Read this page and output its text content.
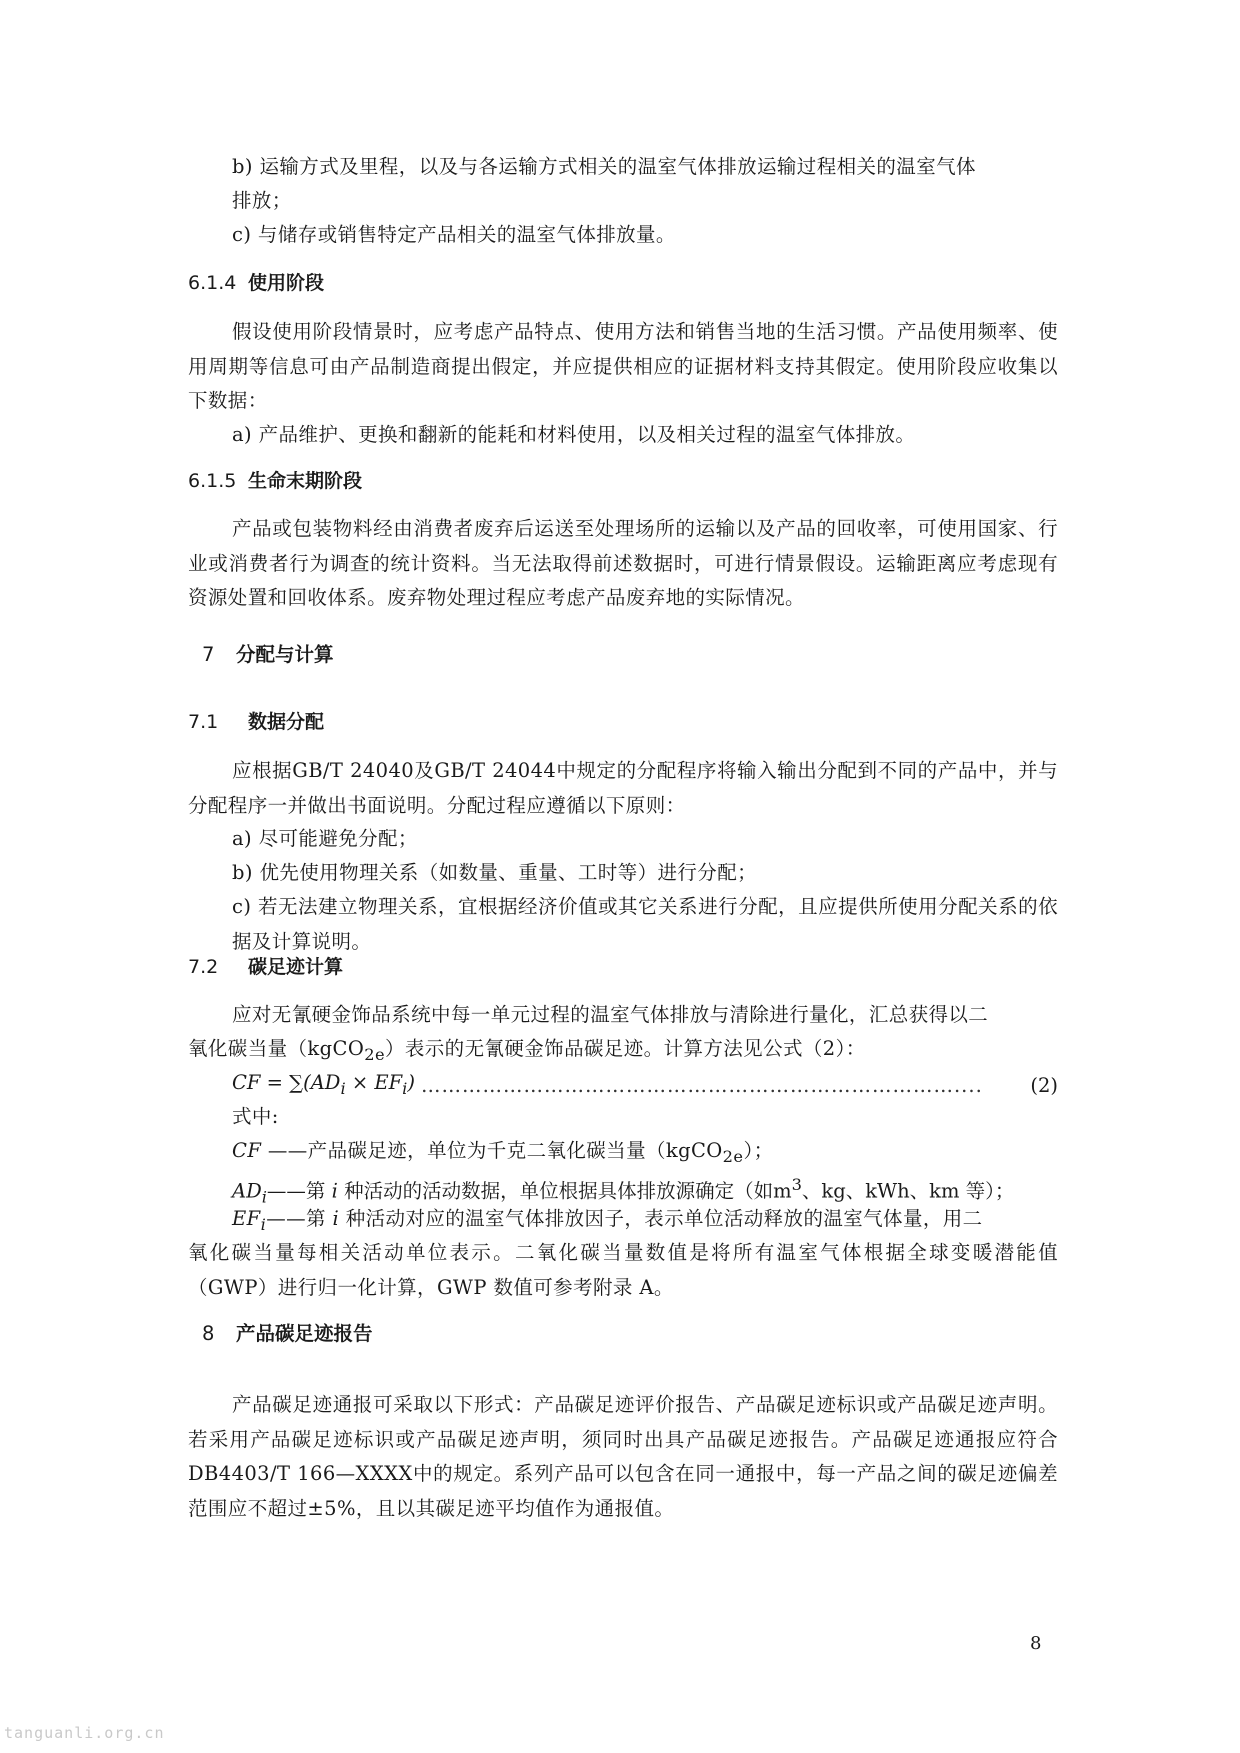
b) 运输方式及里程，以及与各运输方式相关的温室气体排放运输过程相关的温室气体

排放；

c) 与储存或销售特定产品相关的温室气体排放量。

6.1.4 使用阶段

假设使用阶段情景时，应考虑产品特点、使用方法和销售当地的生活习惯。产品使用频率、使用周期等信息可由产品制造商提出假定，并应提供相应的证据材料支持其假定。使用阶段应收集以下数据：

a) 产品维护、更换和翻新的能耗和材料使用，以及相关过程的温室气体排放。

6.1.5 生命末期阶段

产品或包装物料经由消费者废弃后运送至处理场所的运输以及产品的回收率，可使用国家、行业或消费者行为调查的统计资料。当无法取得前述数据时，可进行情景假设。运输距离应考虑现有资源处置和回收体系。废弃物处理过程应考虑产品废弃地的实际情况。

7 分配与计算
7.1 数据分配

应根据GB/T 24040及GB/T 24044中规定的分配程序将输入输出分配到不同的产品中，并与分配程序一并做出书面说明。分配过程应遵循以下原则：

a) 尽可能避免分配；

b) 优先使用物理关系（如数量、重量、工时等）进行分配；

c) 若无法建立物理关系，宜根据经济价值或其它关系进行分配，且应提供所使用分配关系的依据及计算说明。

7.2 碳足迹计算

应对无氰硬金饰品系统中每一单元过程的温室气体排放与清除进行量化，汇总获得以二

氧化碳当量（kgCO$_{2e}$）表示的无氰硬金饰品碳足迹。计算方法见公式（2）：

CF = $\sum(AD_i \times EF_i)$ ……………………………………………………………………....	(2)

式中:

CF ——产品碳足迹，单位为千克二氧化碳当量（kgCO$_{2e}$）；

$AD_i——$第 i 种活动的活动数据，单位根据具体排放源确定（如$m^3$、kg、kWh、km 等）；

$EF_i——$第 i 种活动对应的温室气体排放因子，表示单位活动释放的温室气体量，用二

氧化碳当量每相关活动单位表示。二氧化碳当量数值是将所有温室气体根据全球变暖潜能值（GWP）进行归一化计算，GWP 数值可参考附录 A。

8 产品碳足迹报告

产品碳足迹通报可采取以下形式：产品碳足迹评价报告、产品碳足迹标识或产品碳足迹声明。若采用产品碳足迹标识或产品碳足迹声明，须同时出具产品碳足迹报告。产品碳足迹通报应符合DB4403/T 166—XXXX中的规定。系列产品可以包含在同一通报中，每一产品之间的碳足迹偏差范围应不超过±5%，且以其碳足迹平均值作为通报值。

8
tanguanli.org.cn
